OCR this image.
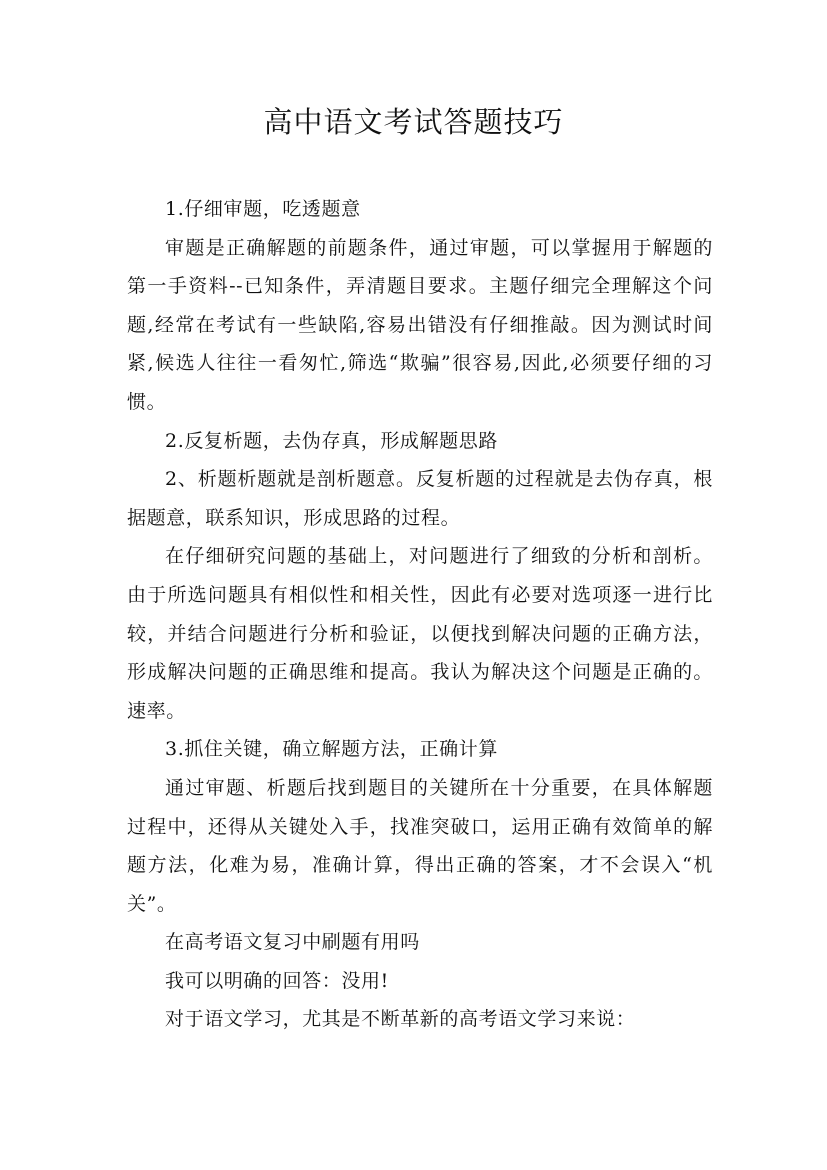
高中语文考试答题技巧

1.仔细审题，吃透题意

审题是正确解题的前题条件，通过审题，可以掌握用于解题的第一手资料--已知条件，弄清题目要求。主题仔细完全理解这个问题,经常在考试有一些缺陷,容易出错没有仔细推敲。因为测试时间紧,候选人往往一看匆忙,筛选“欺骗”很容易,因此,必须要仔细的习惯。

2.反复析题，去伪存真，形成解题思路

2、析题析题就是剖析题意。反复析题的过程就是去伪存真，根据题意，联系知识，形成思路的过程。

在仔细研究问题的基础上，对问题进行了细致的分析和剖析。由于所选问题具有相似性和相关性，因此有必要对选项逐一进行比较，并结合问题进行分析和验证，以便找到解决问题的正确方法，形成解决问题的正确思维和提高。我认为解决这个问题是正确的。速率。

3.抓住关键，确立解题方法，正确计算

通过审题、析题后找到题目的关键所在十分重要，在具体解题过程中，还得从关键处入手，找准突破口，运用正确有效简单的解题方法，化难为易，准确计算，得出正确的答案，才不会误入“机关”。

在高考语文复习中刷题有用吗

我可以明确的回答：没用!

对于语文学习，尤其是不断革新的高考语文学习来说：
